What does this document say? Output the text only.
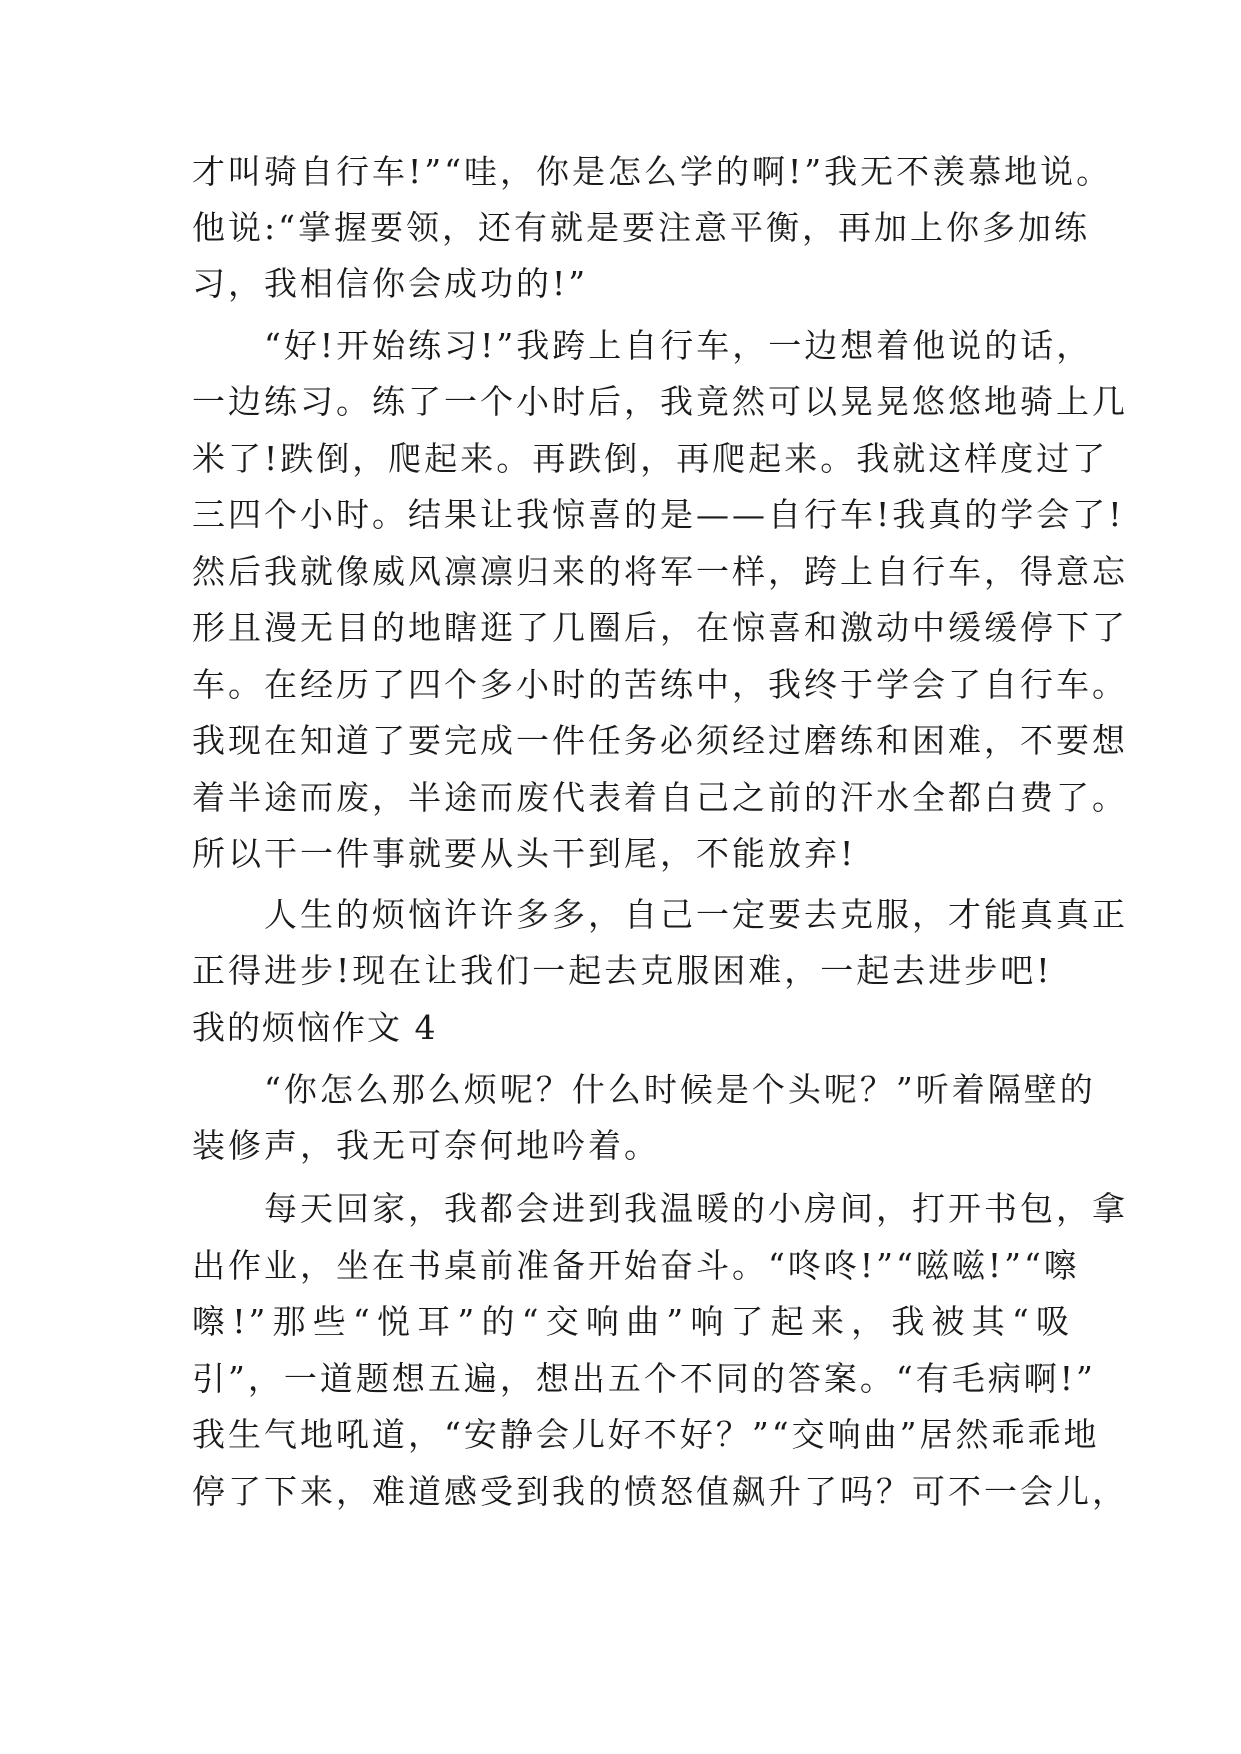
才叫骑自行车!”“哇，你是怎么学的啊!”我无不羡慕地说。
他说:“掌握要领，还有就是要注意平衡，再加上你多加练
习，我相信你会成功的!”
　　“好!开始练习!”我跨上自行车，一边想着他说的话，
一边练习。练了一个小时后，我竟然可以晃晃悠悠地骑上几
米了!跌倒，爬起来。再跌倒，再爬起来。我就这样度过了
三四个小时。结果让我惊喜的是——自行车!我真的学会了!
然后我就像威风凛凛归来的将军一样，跨上自行车，得意忘
形且漫无目的地瞎逛了几圈后，在惊喜和激动中缓缓停下了
车。在经历了四个多小时的苦练中，我终于学会了自行车。
我现在知道了要完成一件任务必须经过磨练和困难，不要想
着半途而废，半途而废代表着自己之前的汗水全都白费了。
所以干一件事就要从头干到尾，不能放弃!
　　人生的烦恼许许多多，自己一定要去克服，才能真真正
正得进步!现在让我们一起去克服困难，一起去进步吧!
我的烦恼作文 4
　　“你怎么那么烦呢？什么时候是个头呢？”听着隔壁的
装修声，我无可奈何地吟着。
　　每天回家，我都会进到我温暖的小房间，打开书包，拿
出作业，坐在书桌前准备开始奋斗。“咚咚!”“嗞嗞!”“嚓
嚓!”那些“悦耳”的“交响曲”响了起来，我被其“吸
引”，一道题想五遍，想出五个不同的答案。“有毛病啊!”
我生气地吼道，“安静会儿好不好？”“交响曲”居然乖乖地
停了下来，难道感受到我的愤怒值飙升了吗？可不一会儿，
